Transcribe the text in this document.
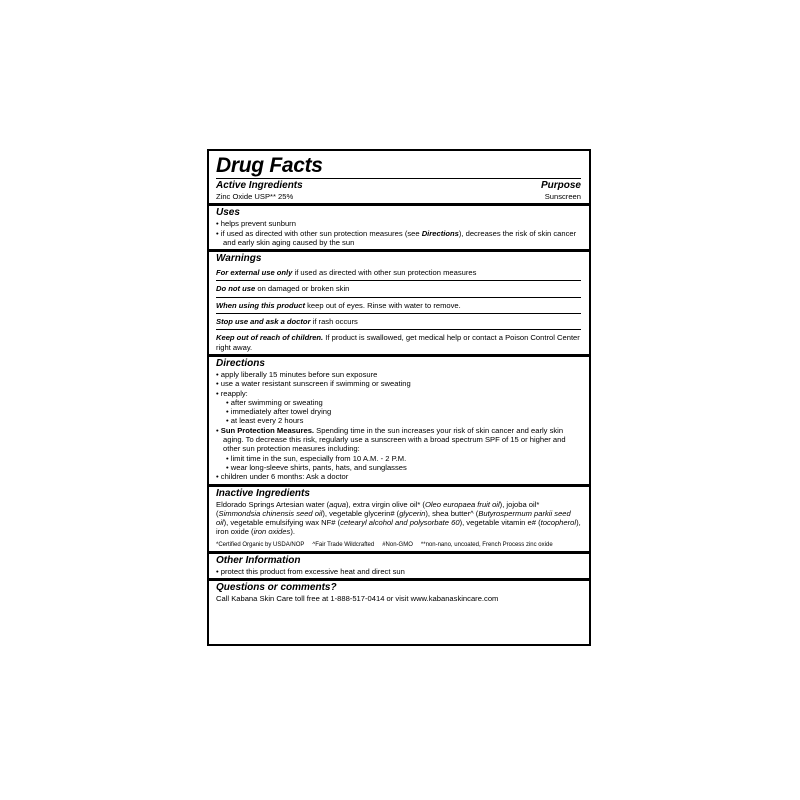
Drug Facts
Active Ingredients	Purpose
Zinc Oxide USP** 25%	Sunscreen
Uses
• helps prevent sunburn
• if used as directed with other sun protection measures (see Directions), decreases the risk of skin cancer and early skin aging caused by the sun
Warnings
For external use only if used as directed with other sun protection measures
Do not use on damaged or broken skin
When using this product keep out of eyes. Rinse with water to remove.
Stop use and ask a doctor if rash occurs
Keep out of reach of children. If product is swallowed, get medical help or contact a Poison Control Center right away.
Directions
• apply liberally 15 minutes before sun exposure
• use a water resistant sunscreen if swimming or sweating
• reapply:
• after swimming or sweating
• immediately after towel drying
• at least every 2 hours
• Sun Protection Measures. Spending time in the sun increases your risk of skin cancer and early skin aging. To decrease this risk, regularly use a sunscreen with a broad spectrum SPF of 15 or higher and other sun protection measures including:
• limit time in the sun, especially from 10 A.M. - 2 P.M.
• wear long-sleeve shirts, pants, hats, and sunglasses
• children under 6 months: Ask a doctor
Inactive Ingredients
Eldorado Springs Artesian water (aqua), extra virgin olive oil* (Oleo europaea fruit oil), jojoba oil* (Simmondsia chinensis seed oil), vegetable glycerin# (glycerin), shea butter^ (Butyrospermum parkii seed oil), vegetable emulsifying wax NF# (cetearyl alcohol and polysorbate 60), vegetable vitamin e# (tocopherol), iron oxide (iron oxides).
*Certified Organic by USDA/NOP ^Fair Trade Wildcrafted #Non-GMO **non-nano, uncoated, French Process zinc oxide
Other Information
• protect this product from excessive heat and direct sun
Questions or comments?
Call Kabana Skin Care toll free at 1-888-517-0414 or visit www.kabanaskincare.com
